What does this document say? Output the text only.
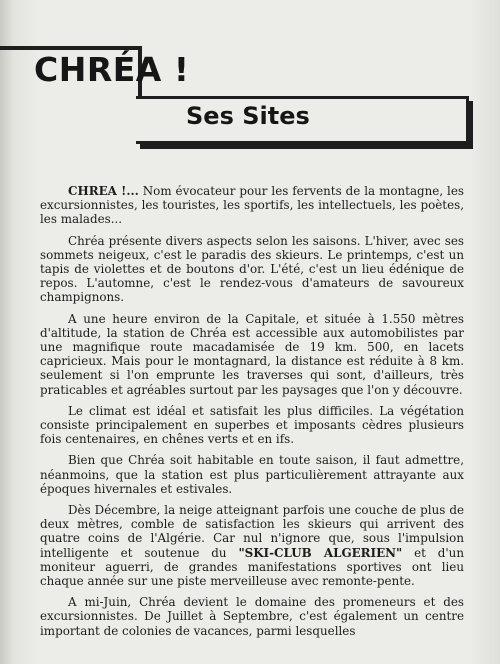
CHRÉA !
Ses Sites

CHREA !... Nom évocateur pour les fervents de la montagne, les excursionnistes, les touristes, les sportifs, les intellectuels, les poètes, les malades...

Chréa présente divers aspects selon les saisons. L'hiver, avec ses sommets neigeux, c'est le paradis des skieurs. Le printemps, c'est un tapis de violettes et de boutons d'or. L'été, c'est un lieu édénique de repos. L'automne, c'est le rendez-vous d'amateurs de savoureux champignons.

A une heure environ de la Capitale, et située à 1.550 mètres d'altitude, la station de Chréa est accessible aux automobilistes par une magnifique route macadamisée de 19 km. 500, en lacets capricieux. Mais pour le montagnard, la distance est réduite à 8 km. seulement si l'on emprunte les traverses qui sont, d'ailleurs, très praticables et agréables surtout par les paysages que l'on y découvre.

Le climat est idéal et satisfait les plus difficiles. La végétation consiste principalement en superbes et imposants cèdres plusieurs fois centenaires, en chênes verts et en ifs.

Bien que Chréa soit habitable en toute saison, il faut admettre, néanmoins, que la station est plus particulièrement attrayante aux époques hivernales et estivales.

Dès Décembre, la neige atteignant parfois une couche de plus de deux mètres, comble de satisfaction les skieurs qui arrivent des quatre coins de l'Algérie. Car nul n'ignore que, sous l'impulsion intelligente et soutenue du "SKI-CLUB ALGERIEN" et d'un moniteur aguerri, de grandes manifestations sportives ont lieu chaque année sur une piste merveilleuse avec remonte-pente.

A mi-Juin, Chréa devient le domaine des promeneurs et des excursionnistes. De Juillet à Septembre, c'est également un centre important de colonies de vacances, parmi lesquelles
